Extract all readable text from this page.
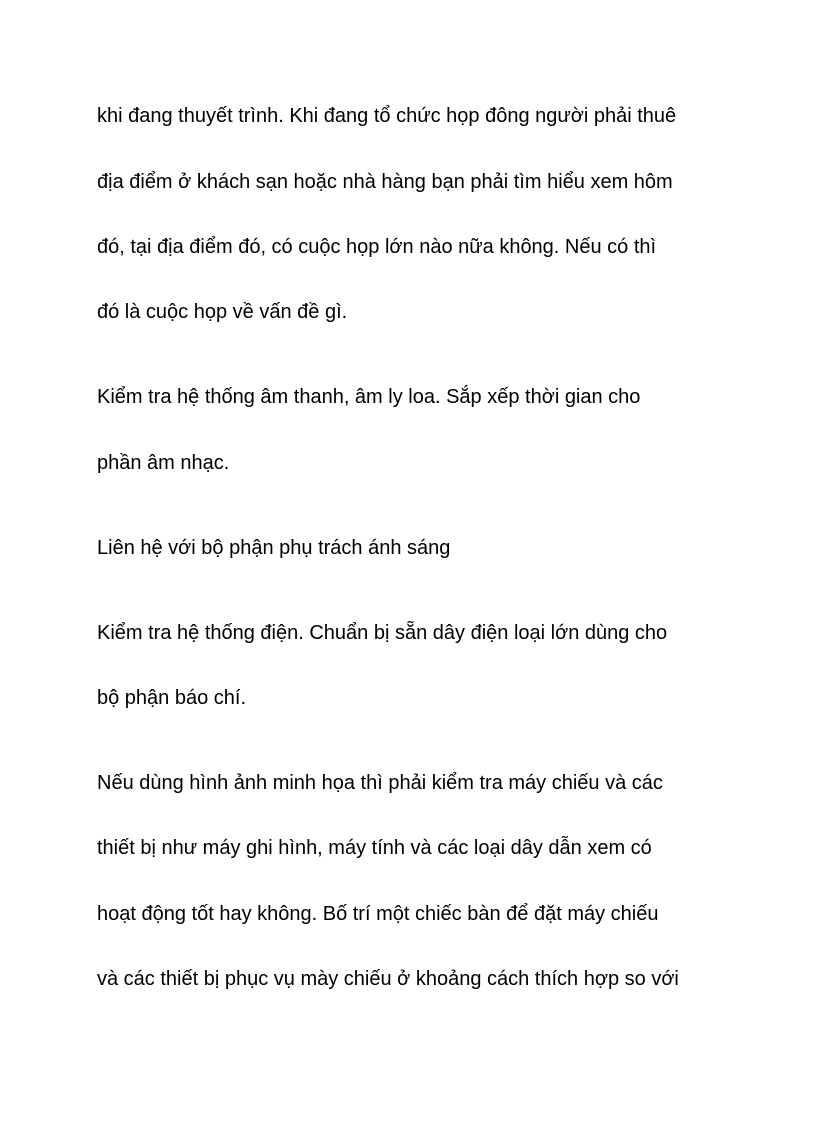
khi đang thuyết trình. Khi đang tổ chức họp đông người phải thuê

địa điểm ở khách sạn hoặc nhà hàng bạn phải tìm hiểu xem hôm

đó, tại địa điểm đó, có cuộc họp lớn nào nữa không. Nếu có thì

đó là cuộc họp về vấn đề gì.

Kiểm tra hệ thống âm thanh, âm ly loa. Sắp xếp thời gian cho

phần âm nhạc.

Liên hệ với bộ phận phụ trách ánh sáng

Kiểm tra hệ thống điện. Chuẩn bị sẵn dây điện loại lớn dùng cho

bộ phận báo chí.

Nếu dùng hình ảnh minh họa thì phải kiểm tra máy chiếu và các

thiết bị như máy ghi hình, máy tính và các loại dây dẫn xem có

hoạt động tốt hay không. Bố trí một chiếc bàn để đặt máy chiếu

và các thiết bị phục vụ mày chiếu ở khoảng cách thích hợp so với
